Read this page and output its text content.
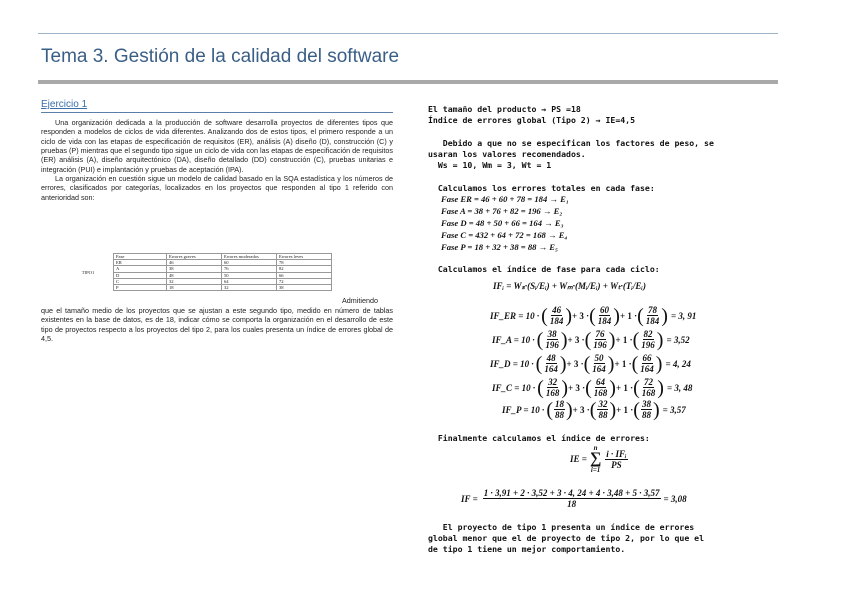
Tema 3. Gestión de la calidad del software
Ejercicio 1

Una organización dedicada a la producción de software desarrolla proyectos de diferentes tipos que responden a modelos de ciclos de vida diferentes. Analizando dos de estos tipos, el primero responde a un ciclo de vida con las etapas de especificación de requisitos (ER), análisis (A) diseño (D), construcción (C) y pruebas (P) mientras que el segundo tipo sigue un ciclo de vida con las etapas de especificación de requisitos (ER) análisis (A), diseño arquitectónico (DA), diseño detallado (DD) construcción (C), pruebas unitarias e integración (PUI) e implantación y pruebas de aceptación (IPA).

La organización en cuestión sigue un modelo de calidad basado en la SQA estadística y los números de errores, clasificados por categorías, localizados en los proyectos que responden al tipo 1 referido con anterioridad son:

TIPO1	Fase	Errores graves	Errores moderados	Errores leves
	ER	46	60	78
	A	38	76	82
	D	48	50	66
	C	32	64	72
	P	18	32	38
Admitiendo
que el tamaño medio de los proyectos que se ajustan a este segundo tipo, medido en número de tablas existentes en la base de datos, es de 18, indicar cómo se comporta la organización en el desarrollo de este tipo de proyectos respecto a los proyectos del tipo 2, para los cuales presenta un índice de errores global de 4,5.
El tamaño del producto → PS =18
Índice de errores global (Tipo 2) → IE=4,5
Debido a que no se especifican los factores de peso, se
usaran los valores recomendados.
Ws = 10, Wm = 3, Wt = 1
Calculamos los errores totales en cada fase:
Fase ER = 46 + 60 + 78 = 184 → E₁
Fase A = 38 + 76 + 82 = 196 → E₂
Fase D = 48 + 50 + 66 = 164 → E₃
Fase C = 432 + 64 + 72 = 168 → E₄
Fase P = 18 + 32 + 38 = 88 → E₅
Calculamos el índice de fase para cada ciclo:
IFᵢ = Wₛ·(Sᵢ/Eᵢ) + Wₘ·(Mᵢ/Eᵢ) + Wₜ·(Tᵢ/Eᵢ)
IF_ER = 10 · ( $\frac{46}{184}$ ) + 3 · ( $\frac{60}{184}$ ) + 1 · ( $\frac{78}{184}$ ) = 3, 91
IF_A = 10 · ( $\frac{38}{196}$ ) + 3 · ( $\frac{76}{196}$ ) + 1 · ( $\frac{82}{196}$ ) = 3,52
IF_D = 10 · ( $\frac{48}{164}$ ) + 3 · ( $\frac{50}{164}$ ) + 1 · ( $\frac{66}{164}$ ) = 4, 24
IF_C = 10 · ( $\frac{32}{168}$ ) + 3 · ( $\frac{64}{168}$ ) + 1 · ( $\frac{72}{168}$ ) = 3, 48
IF_P = 10 · ( $\frac{18}{88}$ ) + 3 · ( $\frac{32}{88}$ ) + 1 · ( $\frac{38}{88}$ ) = 3,57
Finalmente calculamos el índice de errores:
IE =
n
∑
i=1
$\frac{\text{i · IFᵢ}}{PS}$
IF = $\frac{1 \cdot 3,91 + 2 \cdot 3,52 + 3 \cdot 4, 24 + 4 \cdot 3,48 + 5 \cdot 3,57}{18} = 3,08$
El proyecto de tipo 1 presenta un índice de errores
global menor que el de proyecto de tipo 2, por lo que el
de tipo 1 tiene un mejor comportamiento.
